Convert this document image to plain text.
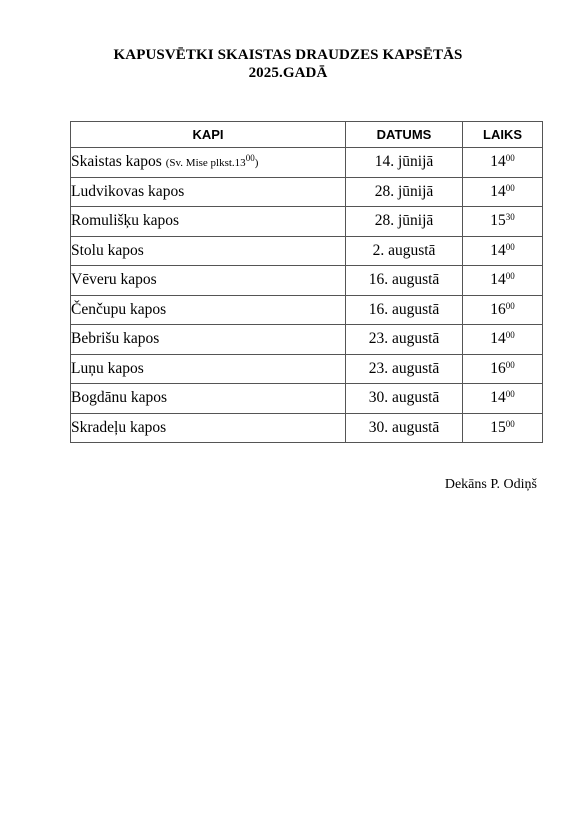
KAPUSVĒTKI SKAISTAS DRAUDZES KAPSĒTĀS
2025.GADĀ
KAPI	DATUMS	LAIKS
Skaistas kapos (Sv. Mise $plkst.13^{00}$)	14. jūnijā	$14^{00}$
Ludvikovas kapos	28. jūnijā	$14^{00}$
Romulišķu kapos	28. jūnijā	$15^{30}$
Stolu kapos	2. augustā	$14^{00}$
Vēveru kapos	16. augustā	$14^{00}$
Čenčupu kapos	16. augustā	$16^{00}$
Bebrišu kapos	23. augustā	$14^{00}$
Luņu kapos	23. augustā	$16^{00}$
Bogdānu kapos	30. augustā	$14^{00}$
Skradeļu kapos	30. augustā	$15^{00}$
Dekāns P. Odiņš
